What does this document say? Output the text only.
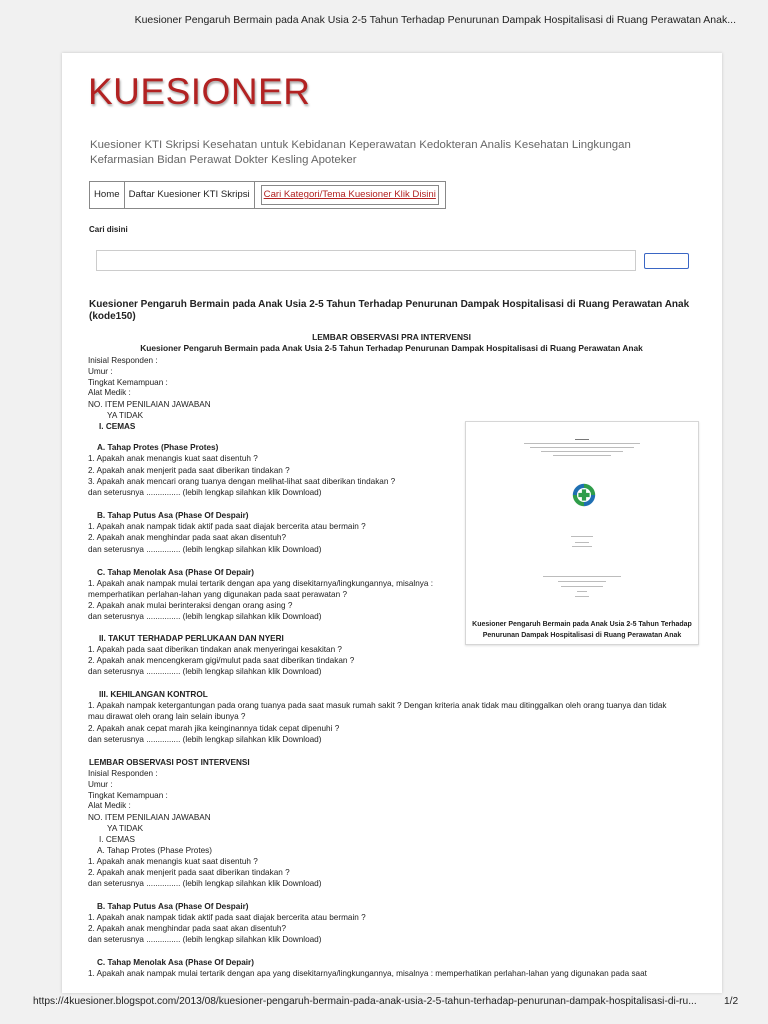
Kuesioner Pengaruh Bermain pada Anak Usia 2-5 Tahun Terhadap Penurunan Dampak Hospitalisasi di Ruang Perawatan Anak...
KUESIONER
Kuesioner KTI Skripsi Kesehatan untuk Kebidanan Keperawatan Kedokteran Analis Kesehatan Lingkungan Kefarmasian Bidan Perawat Dokter Kesling Apoteker
Home Daftar Kuesioner KTI Skripsi	Cari Kategori/Tema Kuesioner Klik Disini
Cari disini
Kuesioner Pengaruh Bermain pada Anak Usia 2-5 Tahun Terhadap Penurunan Dampak Hospitalisasi di Ruang Perawatan Anak (kode150)
LEMBAR OBSERVASI PRA INTERVENSI
Kuesioner Pengaruh Bermain pada Anak Usia 2-5 Tahun Terhadap Penurunan Dampak Hospitalisasi di Ruang Perawatan Anak
Inisial Responden :
Umur :
Tingkat Kemampuan :
Alat Medik :
NO. ITEM PENILAIAN JAWABAN
YA TIDAK
I. CEMAS
A. Tahap Protes (Phase Protes)
1. Apakah anak menangis kuat saat disentuh ?
2. Apakah anak menjerit pada saat diberikan tindakan ?
3. Apakah anak mencari orang tuanya dengan melihat-lihat saat diberikan tindakan ?
dan seterusnya ............... (lebih lengkap silahkan klik Download)
B. Tahap Putus Asa (Phase Of Despair)
1. Apakah anak nampak tidak aktif pada saat diajak bercerita atau bermain ?
2. Apakah anak menghindar pada saat akan disentuh?
dan seterusnya ............... (lebih lengkap silahkan klik Download)
C. Tahap Menolak Asa (Phase Of Depair)
1. Apakah anak nampak mulai tertarik dengan apa yang disekitarnya/lingkungannya, misalnya :
memperhatikan perlahan-lahan yang digunakan pada saat perawatan ?
2. Apakah anak mulai berinteraksi dengan orang asing ?
dan seterusnya ............... (lebih lengkap silahkan klik Download)
II. TAKUT TERHADAP PERLUKAAN DAN NYERI
1. Apakah pada saat diberikan tindakan anak menyeringai kesakitan ?
2. Apakah anak mencengkeram gigi/mulut pada saat diberikan tindakan ?
dan seterusnya ............... (lebih lengkap silahkan klik Download)
III. KEHILANGAN KONTROL
1. Apakah nampak ketergantungan pada orang tuanya pada saat masuk rumah sakit ? Dengan kriteria anak tidak mau ditinggalkan oleh orang tuanya dan tidak
mau dirawat oleh orang lain selain ibunya ?
2. Apakah anak cepat marah jika keinginannya tidak cepat dipenuhi ?
dan seterusnya ............... (lebih lengkap silahkan klik Download)
LEMBAR OBSERVASI POST INTERVENSI
Inisial Responden :
Umur :
Tingkat Kemampuan :
Alat Medik :
NO. ITEM PENILAIAN JAWABAN
YA TIDAK
I. CEMAS
A. Tahap Protes (Phase Protes)
1. Apakah anak menangis kuat saat disentuh ?
2. Apakah anak menjerit pada saat diberikan tindakan ?
dan seterusnya ............... (lebih lengkap silahkan klik Download)
B. Tahap Putus Asa (Phase Of Despair)
1. Apakah anak nampak tidak aktif pada saat diajak bercerita atau bermain ?
2. Apakah anak menghindar pada saat akan disentuh?
dan seterusnya ............... (lebih lengkap silahkan klik Download)
C. Tahap Menolak Asa (Phase Of Depair)
1. Apakah anak nampak mulai tertarik dengan apa yang disekitarnya/lingkungannya, misalnya : memperhatikan perlahan-lahan yang digunakan pada saat
Kuesioner Pengaruh Bermain pada Anak Usia 2-5 Tahun Terhadap Penurunan Dampak Hospitalisasi di Ruang Perawatan Anak
https://4kuesioner.blogspot.com/2013/08/kuesioner-pengaruh-bermain-pada-anak-usia-2-5-tahun-terhadap-penurunan-dampak-hospitalisasi-di-ru...	1/2
